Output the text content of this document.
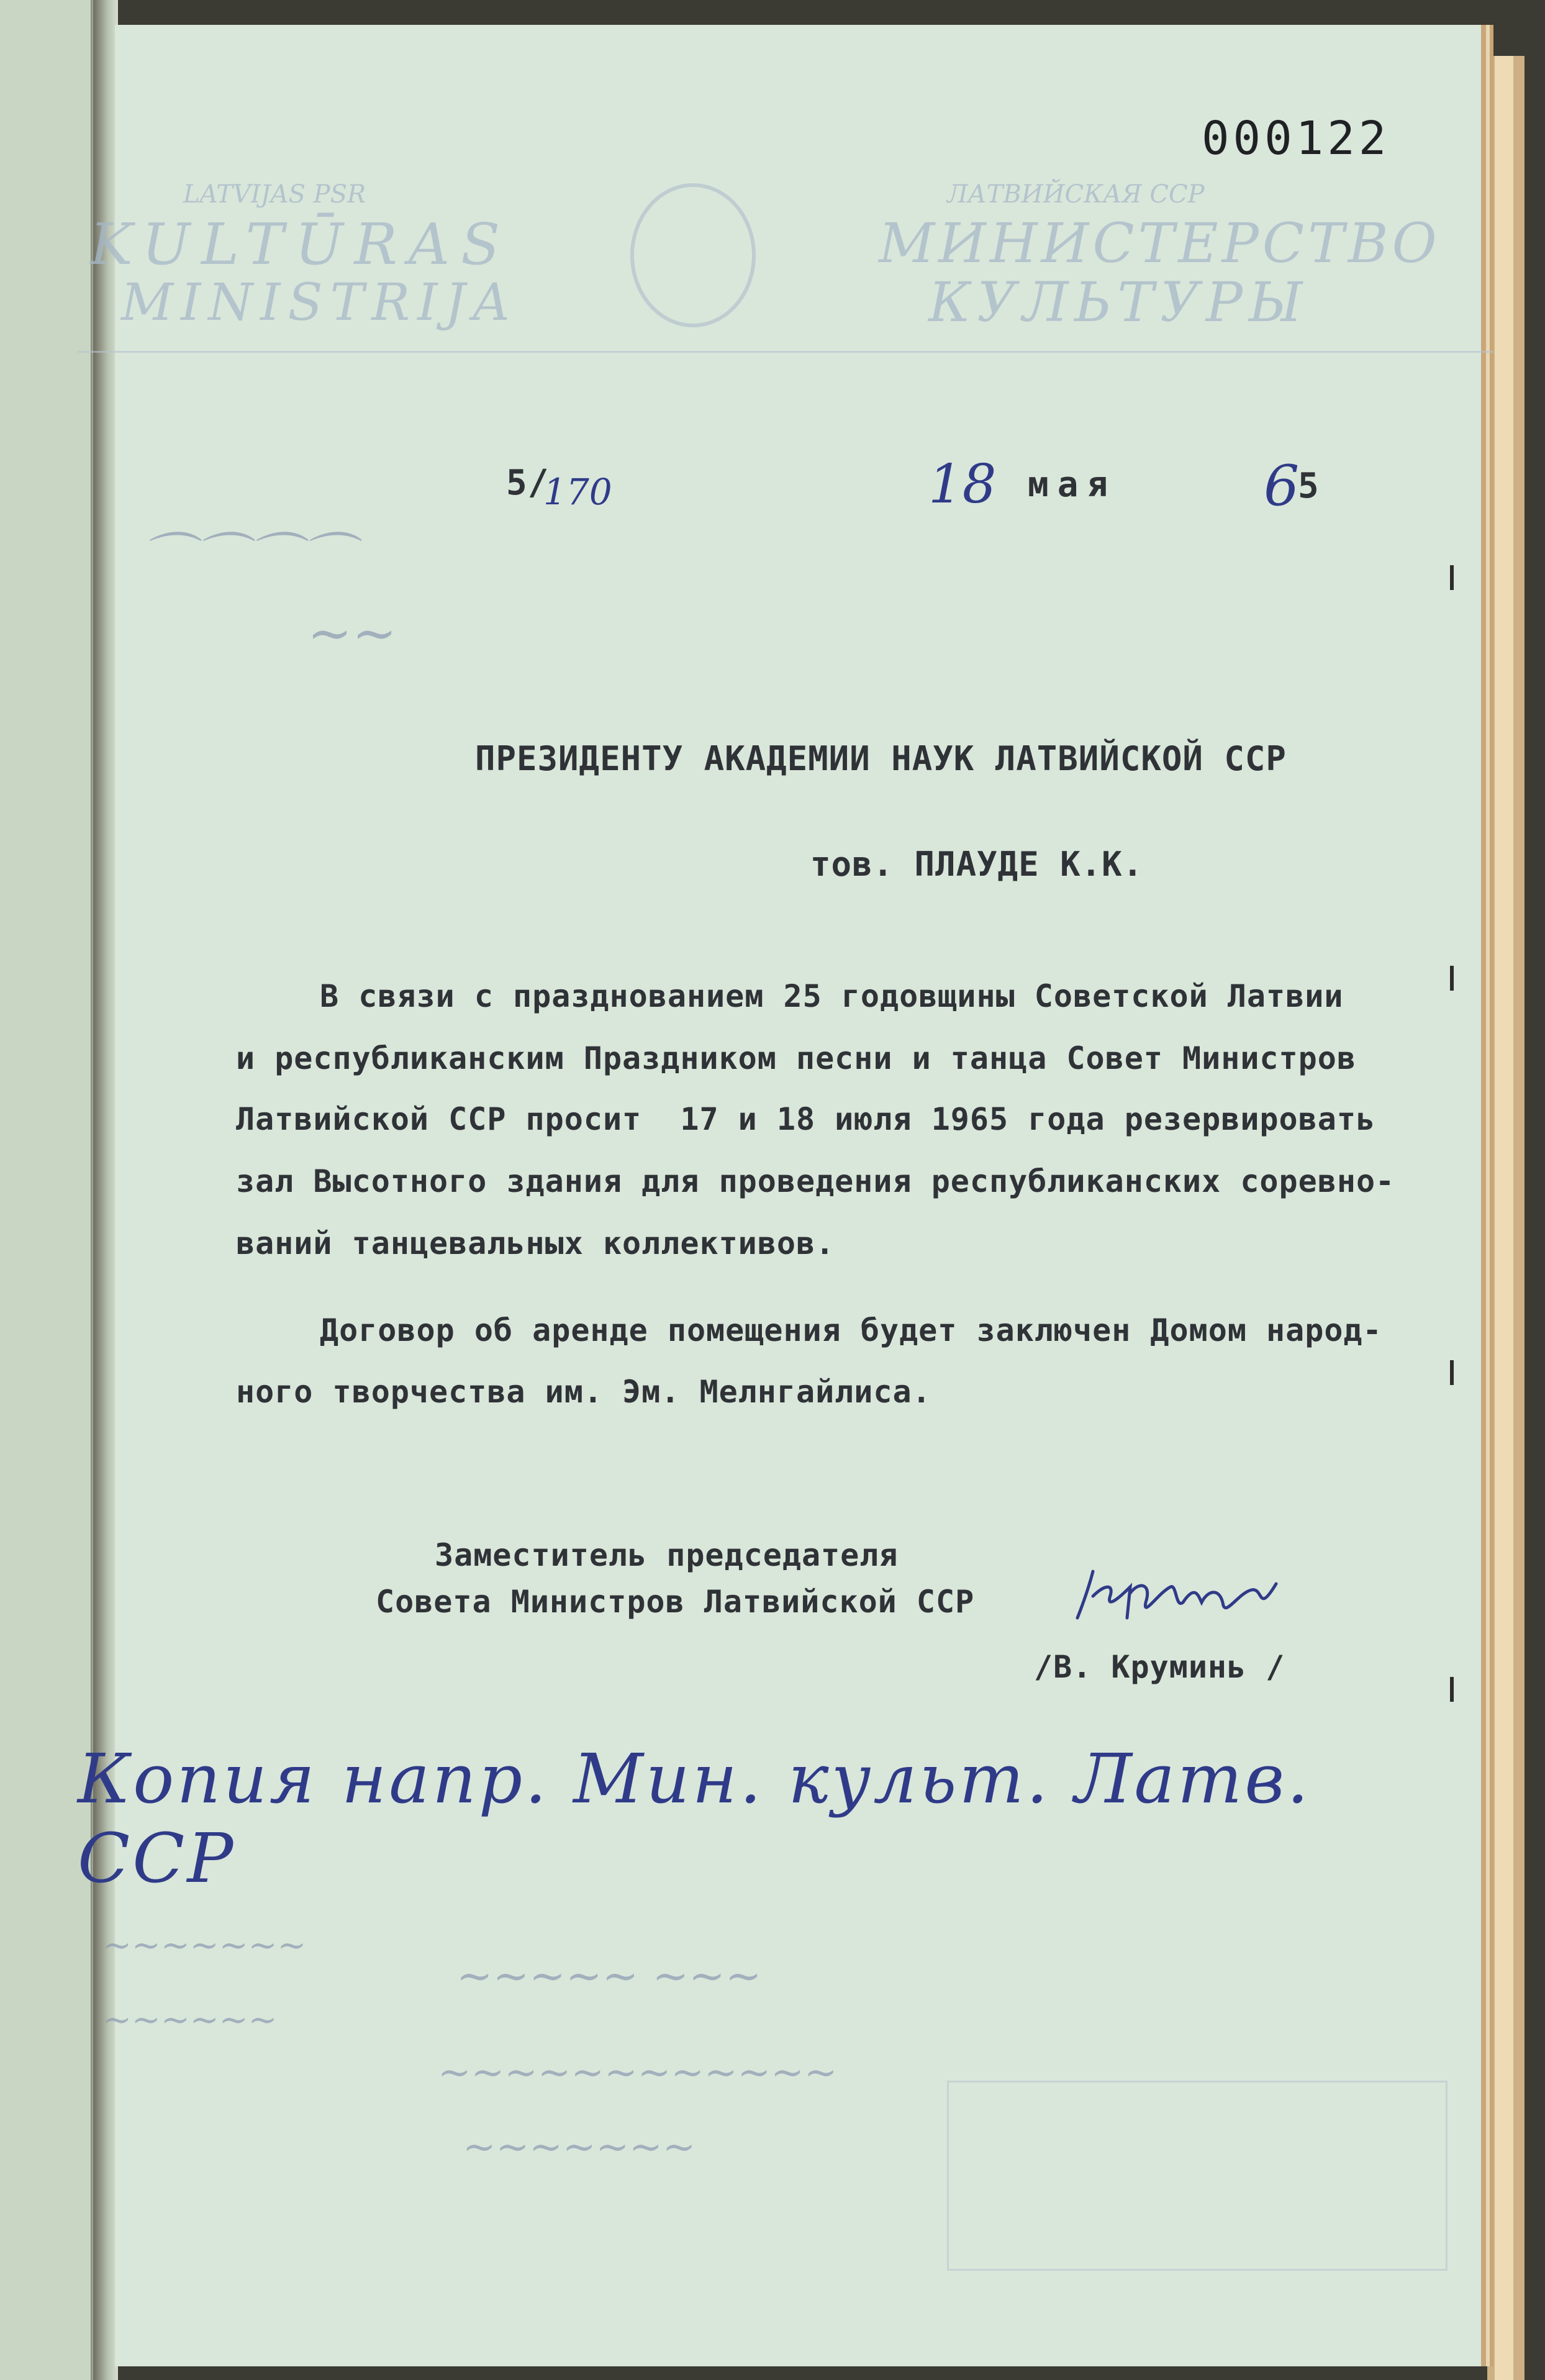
LATVIJAS PSR
KULTŪRAS
MINISTRIJA
ЛАТВИЙСКАЯ ССР
МИНИСТЕРСТВО
КУЛЬТУРЫ
000122
5/
170	18 мая	6
5
⌒⌒⌒⌒
~~
ПРЕЗИДЕНТУ АКАДЕМИИ НАУК ЛАТВИЙСКОЙ ССР
тов. ПЛАУДЕ К.К.
В связи с празднованием 25 годовщины Советской Латвии
и республиканским Праздником песни и танца Совет Министров
Латвийской ССР просит  17 и 18 июля 1965 года резервировать
зал Высотного здания для проведения республиканских соревно-
ваний танцевальных коллективов.
Договор об аренде помещения будет заключен Домом народ-
ного творчества им. Эм. Мелнгайлиса.
Заместитель председателя
Совета Министров Латвийской ССР
/В. Круминь /
Копия напр. Мин. культ. Латв. ССР
~~~~~ ~~~
~~~~~~~~~~~~
~~~~~~~
~~~~~~~
~~~~~~
